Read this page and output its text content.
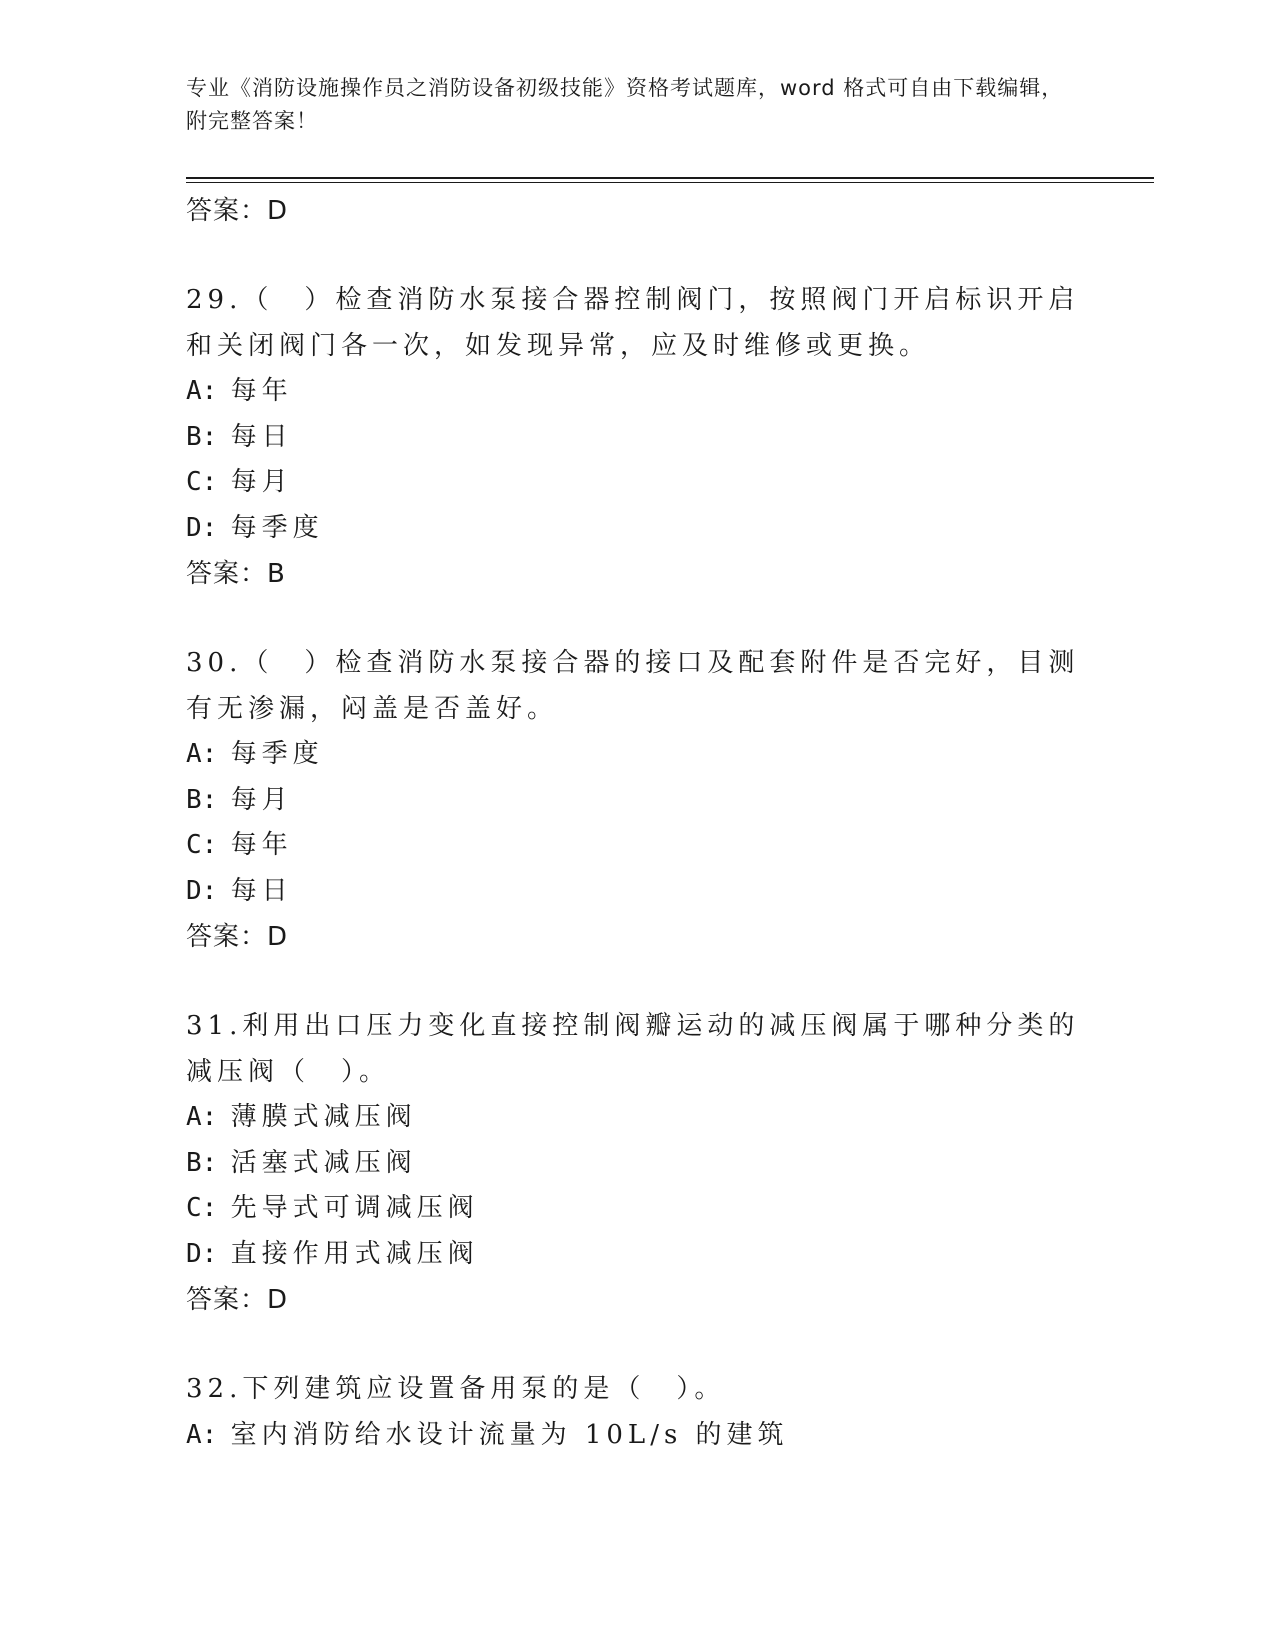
专业《消防设施操作员之消防设备初级技能》资格考试题库，word 格式可自由下载编辑，附完整答案！
答案：D
29.（　）检查消防水泵接合器控制阀门，按照阀门开启标识开启和关闭阀门各一次，如发现异常，应及时维修或更换。
A: 每年
B: 每日
C: 每月
D: 每季度
答案：B
30.（　）检查消防水泵接合器的接口及配套附件是否完好，目测有无渗漏，闷盖是否盖好。
A: 每季度
B: 每月
C: 每年
D: 每日
答案：D
31.利用出口压力变化直接控制阀瓣运动的减压阀属于哪种分类的减压阀（　）。
A: 薄膜式减压阀
B: 活塞式减压阀
C: 先导式可调减压阀
D: 直接作用式减压阀
答案：D
32.下列建筑应设置备用泵的是（　）。
A: 室内消防给水设计流量为 10L/s 的建筑
